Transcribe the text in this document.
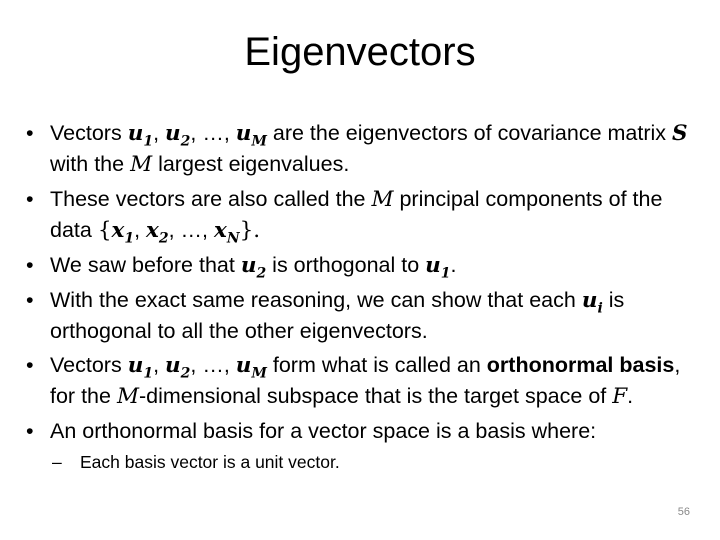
Eigenvectors
• Vectors $u_1$, $u_2$, …, $u_M$ are the eigenvectors of covariance matrix S
with the M largest eigenvalues.
• These vectors are also called the M principal components of the data {$x_1$, $x_2$, …, $x_N$}.
• We saw before that $u_2$ is orthogonal to $u_1$.
• With the exact same reasoning, we can show that each $u_i$ is orthogonal to all the other eigenvectors.
• Vectors $u_1$, $u_2$, …, $u_M$ form what is called an orthonormal basis, for the M-dimensional subspace that is the target space of F.
• An orthonormal basis for a vector space is a basis where:
– Each basis vector is a unit vector.
56
